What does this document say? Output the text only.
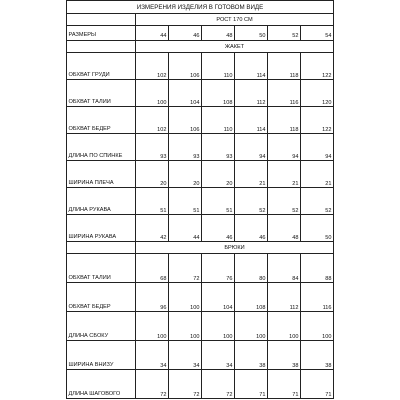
ИЗМЕРЕНИЯ ИЗДЕЛИЯ В ГОТОВОМ ВИДЕ						
	РОСТ 170 СМ					
РАЗМЕРЫ	44	46	48	50	52	54
	ЖАКЕТ					
ОБХВАТ ГРУДИ	102	106	110	114	118	122
ОБХВАТ ТАЛИИ	100	104	108	112	116	120
ОБХВАТ БЕДЕР	102	106	110	114	118	122
ДЛИНА ПО СПИНКЕ	93	93	93	94	94	94
ШИРИНА ПЛЕЧА	20	20	20	21	21	21
ДЛИНА РУКАВА	51	51	51	52	52	52
ШИРИНА РУКАВА	42	44	46	46	48	50
	БРЮКИ					
ОБХВАТ ТАЛИИ	68	72	76	80	84	88
ОБХВАТ БЕДЕР	96	100	104	108	112	116
ДЛИНА СБОКУ	100	100	100	100	100	100
ШИРИНА ВНИЗУ	34	34	34	38	38	38
ДЛИНА ШАГОВОГО	72	72	72	71	71	71
